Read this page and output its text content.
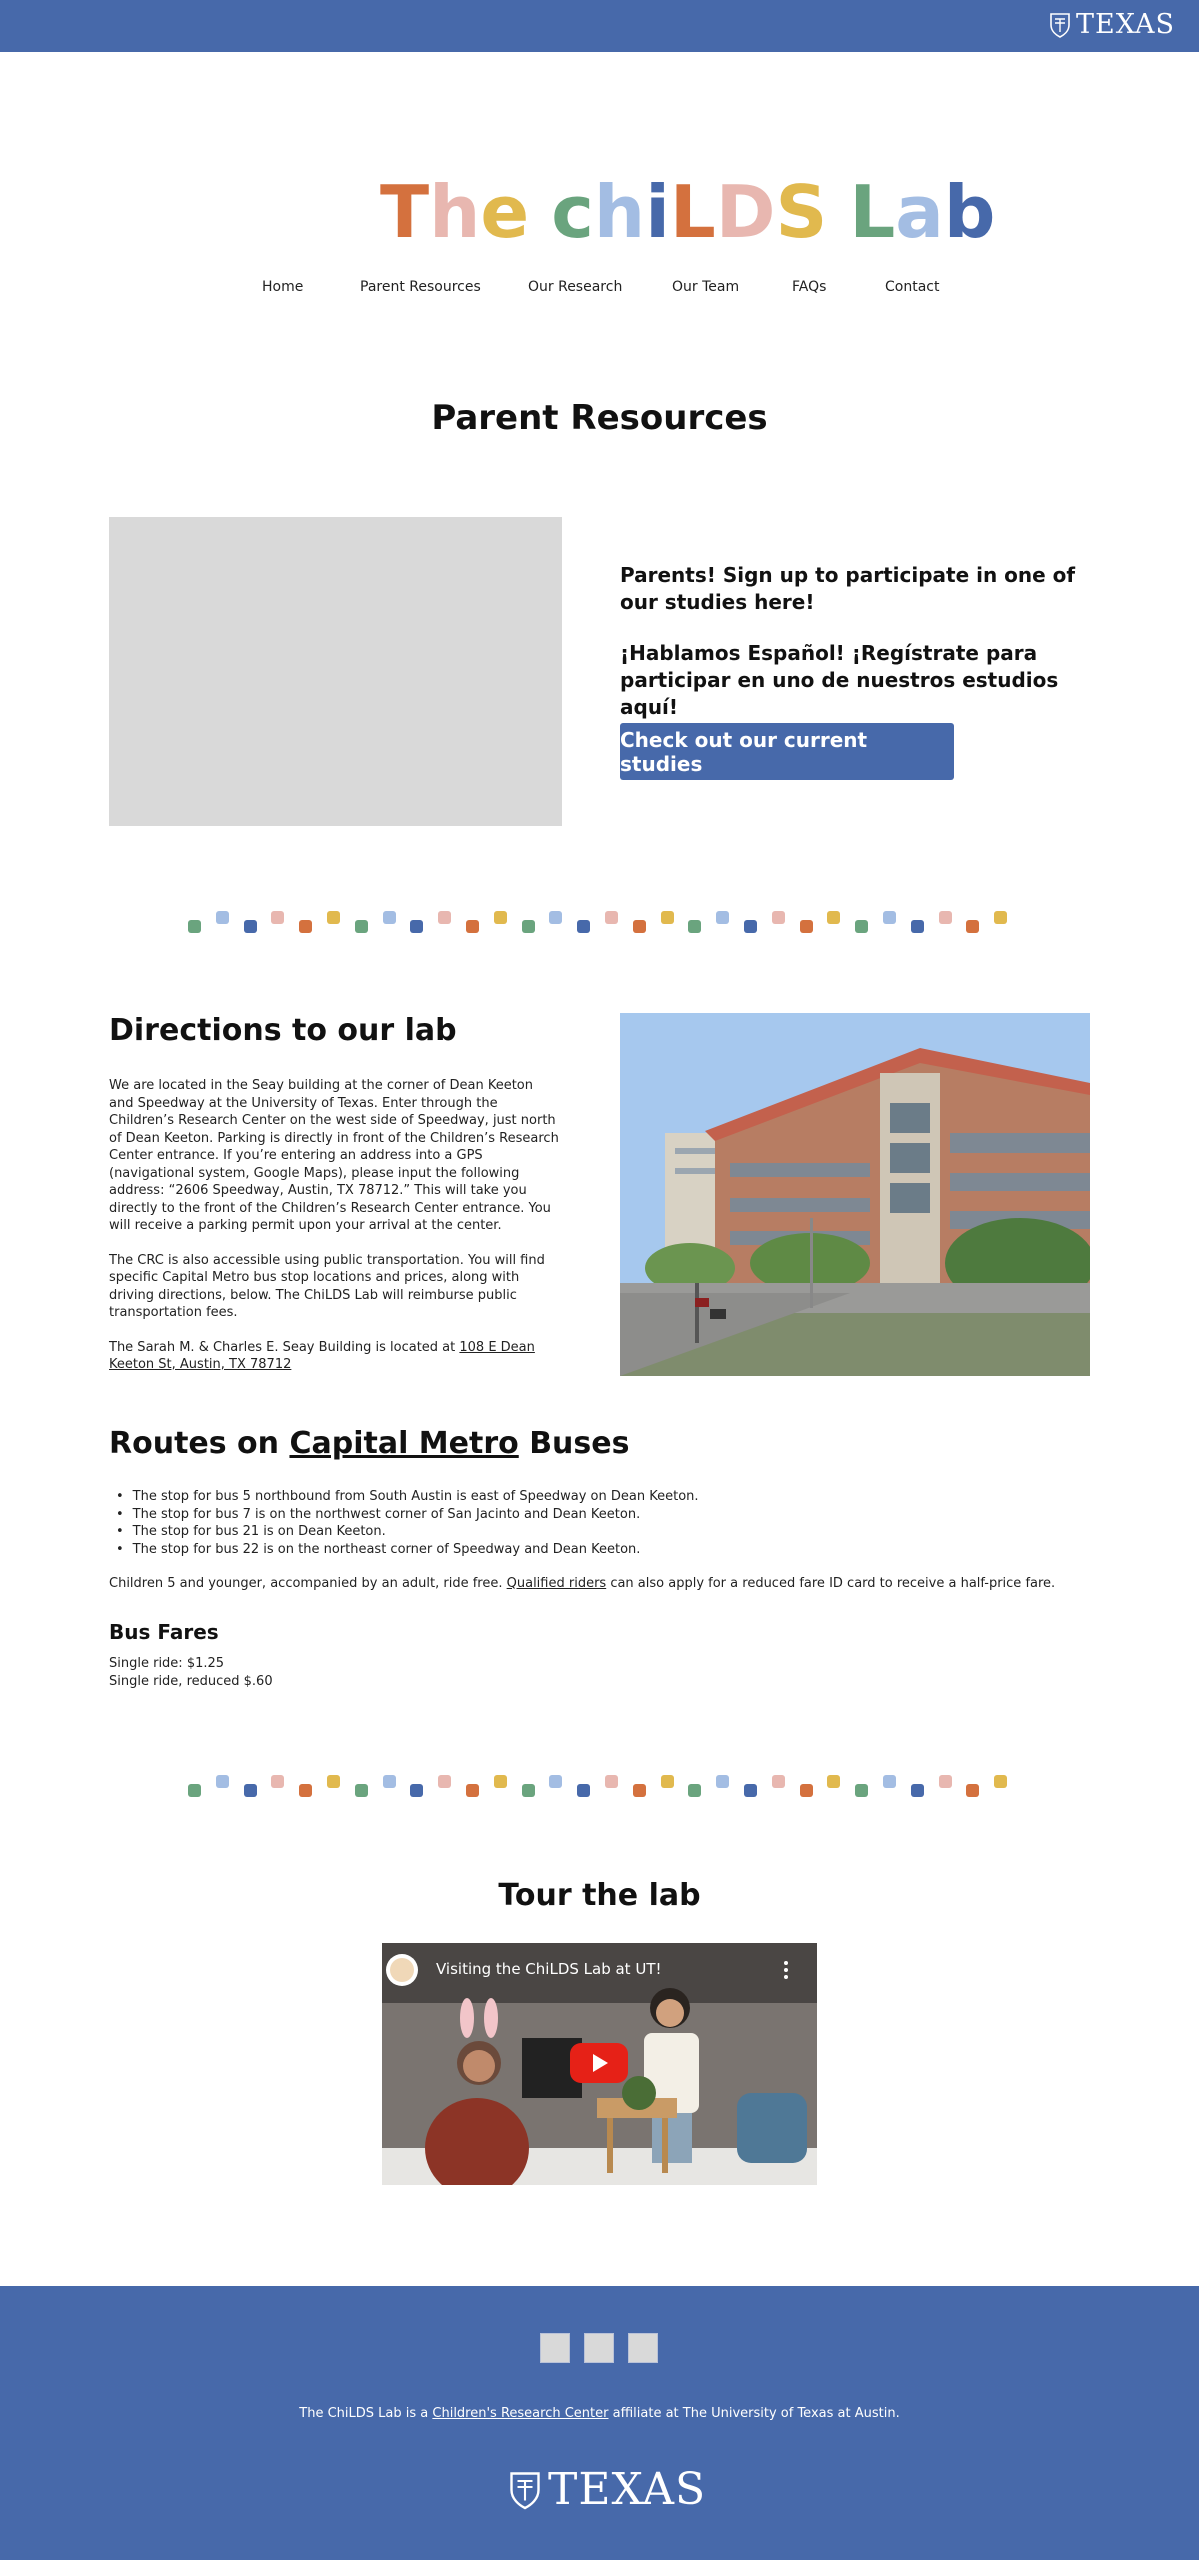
TEXAS
T h e
c h i L D S
L a b
Home	Parent Resources	Our Research	Our Team	FAQs	Contact
Parent Resources

Parents! Sign up to participate in one of our studies here!

¡Hablamos Español! ¡Regístrate para participar en uno de nuestros estudios aquí!

Check out our current studies
Directions to our lab

We are located in the Seay building at the corner of Dean Keeton and Speedway at the University of Texas. Enter through the Children’s Research Center on the west side of Speedway, just north of Dean Keeton. Parking is directly in front of the Children’s Research Center entrance. If you’re entering an address into a GPS (navigational system, Google Maps), please input the following address: “2606 Speedway, Austin, TX 78712.” This will take you directly to the front of the Children’s Research Center entrance. You will receive a parking permit upon your arrival at the center.

The CRC is also accessible using public transportation. You will find specific Capital Metro bus stop locations and prices, along with driving directions, below. The ChiLDS Lab will reimburse public transportation fees.

The Sarah M. & Charles E. Seay Building is located at 108 E Dean Keeton St, Austin, TX 78712

Routes on Capital Metro Buses
• The stop for bus 5 northbound from South Austin is east of Speedway on Dean Keeton.
• The stop for bus 7 is on the northwest corner of San Jacinto and Dean Keeton.
• The stop for bus 21 is on Dean Keeton.
• The stop for bus 22 is on the northeast corner of Speedway and Dean Keeton.

Children 5 and younger, accompanied by an adult, ride free. Qualified riders can also apply for a reduced fare ID card to receive a half-price fare.

Bus Fares
Single ride: $1.25
Single ride, reduced $.60
Tour the lab
Visiting the ChiLDS Lab at UT!

The ChiLDS Lab is a Children's Research Center affiliate at The University of Texas at Austin.

TEXAS
